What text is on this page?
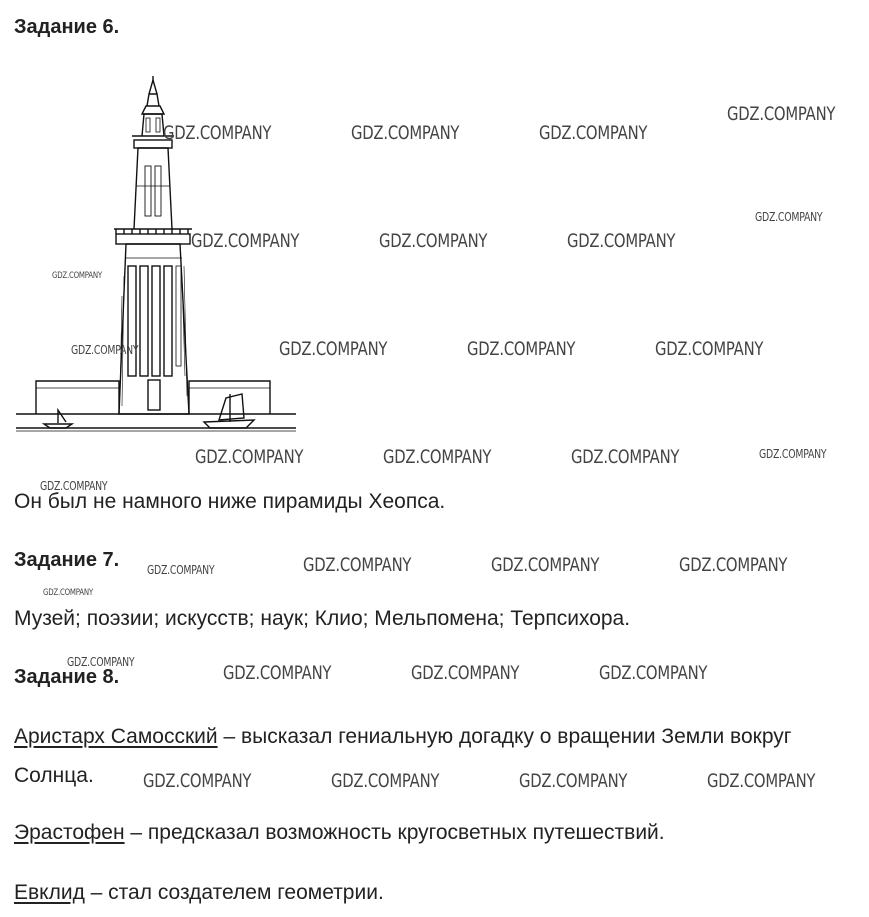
Задание 6.
GDZ.COMPANY	GDZ.COMPANY	GDZ.COMPANY
GDZ.COMPANY
GDZ.COMPANY
GDZ.COMPANY	GDZ.COMPANY	GDZ.COMPANY
GDZ.COMPANY
GDZ.COMPANY	GDZ.COMPANY	GDZ.COMPANY	GDZ.COMPANY
GDZ.COMPANY	GDZ.COMPANY	GDZ.COMPANY	GDZ.COMPANY
GDZ.COMPANY
Он был не намного ниже пирамиды Хеопса.
Задание 7. GDZ.COMPANY	GDZ.COMPANY	GDZ.COMPANY	GDZ.COMPANY
GDZ.COMPANY
Музей; поэзии; искусств; наук; Клио; Мельпомена; Терпсихора.
GDZ.COMPANY
Задание 8.	GDZ.COMPANY	GDZ.COMPANY	GDZ.COMPANY
Аристарх Самосский – высказал гениальную догадку о вращении Земли вокруг
Солнца.	GDZ.COMPANY	GDZ.COMPANY	GDZ.COMPANY	GDZ.COMPANY
Эрастофен – предсказал возможность кругосветных путешествий.
Евклид – стал создателем геометрии.
